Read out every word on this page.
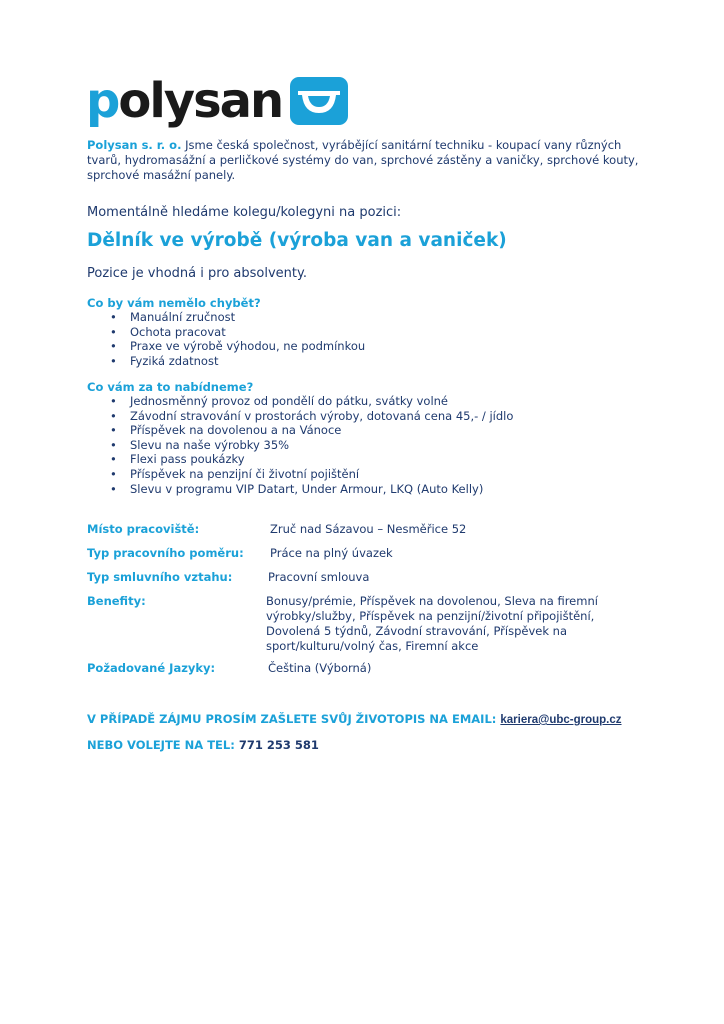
polysan
Polysan s. r. o. Jsme česká společnost, vyrábějící sanitární techniku - koupací vany různých tvarů, hydromasážní a perličkové systémy do van, sprchové zástěny a vaničky, sprchové kouty, sprchové masážní panely.
Momentálně hledáme kolegu/kolegyni na pozici:
Dělník ve výrobě (výroba van a vaniček)
Pozice je vhodná i pro absolventy.
Co by vám nemělo chybět?
• Manuální zručnost
• Ochota pracovat
• Praxe ve výrobě výhodou, ne podmínkou
• Fyziká zdatnost
Co vám za to nabídneme?
• Jednosměnný provoz od pondělí do pátku, svátky volné
• Závodní stravování v prostorách výroby, dotovaná cena 45,- / jídlo
• Příspěvek na dovolenou a na Vánoce
• Slevu na naše výrobky 35%
• Flexi pass poukázky
• Příspěvek na penzijní či životní pojištění
• Slevu v programu VIP Datart, Under Armour, LKQ (Auto Kelly)
Místo pracoviště:	Zruč nad Sázavou – Nesměřice 52
Typ pracovního poměru: Práce na plný úvazek
Typ smluvního vztahu:	Pracovní smlouva
Benefity:	Bonusy/prémie, Příspěvek na dovolenou, Sleva na firemní
výrobky/služby, Příspěvek na penzijní/životní připojištění,
Dovolená 5 týdnů, Závodní stravování, Příspěvek na
sport/kulturu/volný čas, Firemní akce
Požadované Jazyky:	Čeština (Výborná)
V PŘÍPADĚ ZÁJMU PROSÍM ZAŠLETE SVŮJ ŽIVOTOPIS NA EMAIL: kariera@ubc-group.cz
NEBO VOLEJTE NA TEL: 771 253 581
